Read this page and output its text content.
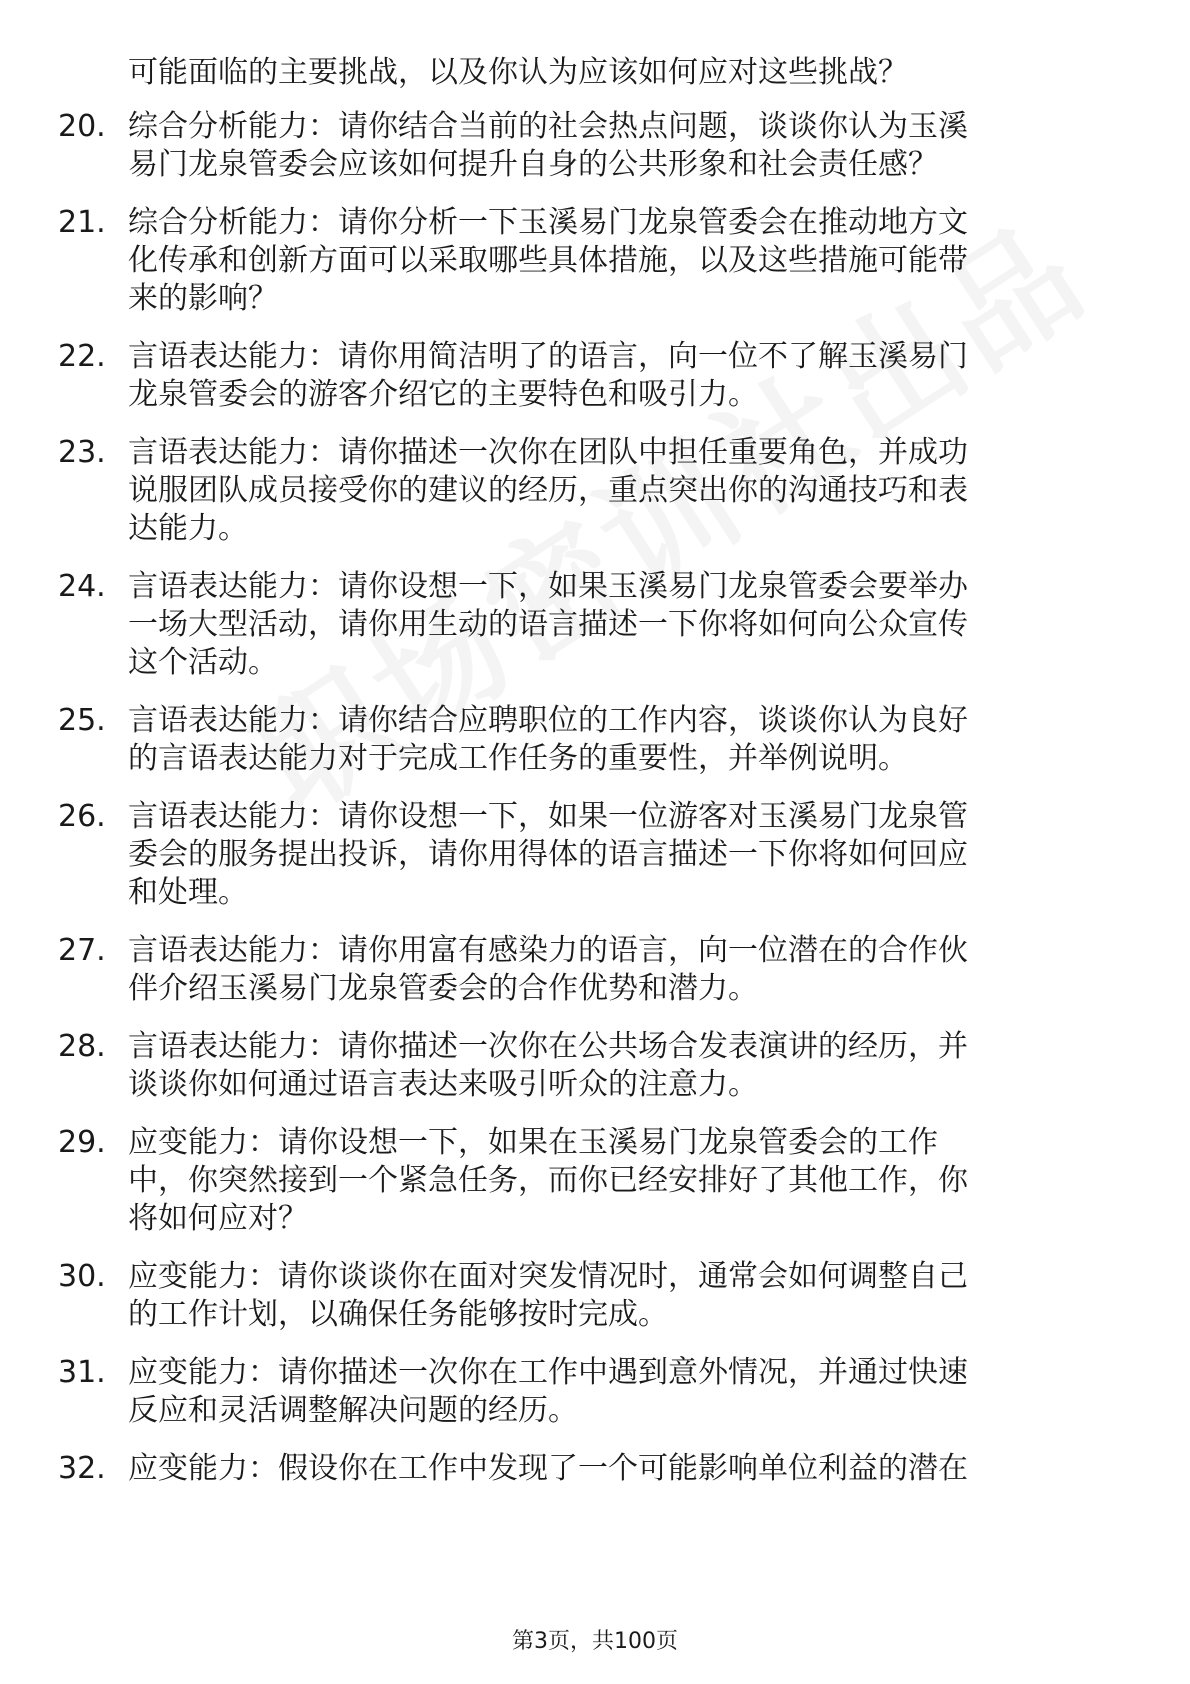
可能面临的主要挑战，以及你认为应该如何应对这些挑战？

20. 综合分析能力：请你结合当前的社会热点问题，谈谈你认为玉溪
易门龙泉管委会应该如何提升自身的公共形象和社会责任感？
21. 综合分析能力：请你分析一下玉溪易门龙泉管委会在推动地方文
化传承和创新方面可以采取哪些具体措施，以及这些措施可能带
来的影响？
22. 言语表达能力：请你用简洁明了的语言，向一位不了解玉溪易门
龙泉管委会的游客介绍它的主要特色和吸引力。
23. 言语表达能力：请你描述一次你在团队中担任重要角色，并成功
说服团队成员接受你的建议的经历，重点突出你的沟通技巧和表
达能力。
24. 言语表达能力：请你设想一下，如果玉溪易门龙泉管委会要举办
一场大型活动，请你用生动的语言描述一下你将如何向公众宣传
这个活动。
25. 言语表达能力：请你结合应聘职位的工作内容，谈谈你认为良好
的言语表达能力对于完成工作任务的重要性，并举例说明。
26. 言语表达能力：请你设想一下，如果一位游客对玉溪易门龙泉管
委会的服务提出投诉，请你用得体的语言描述一下你将如何回应
和处理。
27. 言语表达能力：请你用富有感染力的语言，向一位潜在的合作伙
伴介绍玉溪易门龙泉管委会的合作优势和潜力。
28. 言语表达能力：请你描述一次你在公共场合发表演讲的经历，并
谈谈你如何通过语言表达来吸引听众的注意力。
29. 应变能力：请你设想一下，如果在玉溪易门龙泉管委会的工作
中，你突然接到一个紧急任务，而你已经安排好了其他工作，你
将如何应对？
30. 应变能力：请你谈谈你在面对突发情况时，通常会如何调整自己
的工作计划，以确保任务能够按时完成。
31. 应变能力：请你描述一次你在工作中遇到意外情况，并通过快速
反应和灵活调整解决问题的经历。
32. 应变能力：假设你在工作中发现了一个可能影响单位利益的潜在
第3页，共100页
